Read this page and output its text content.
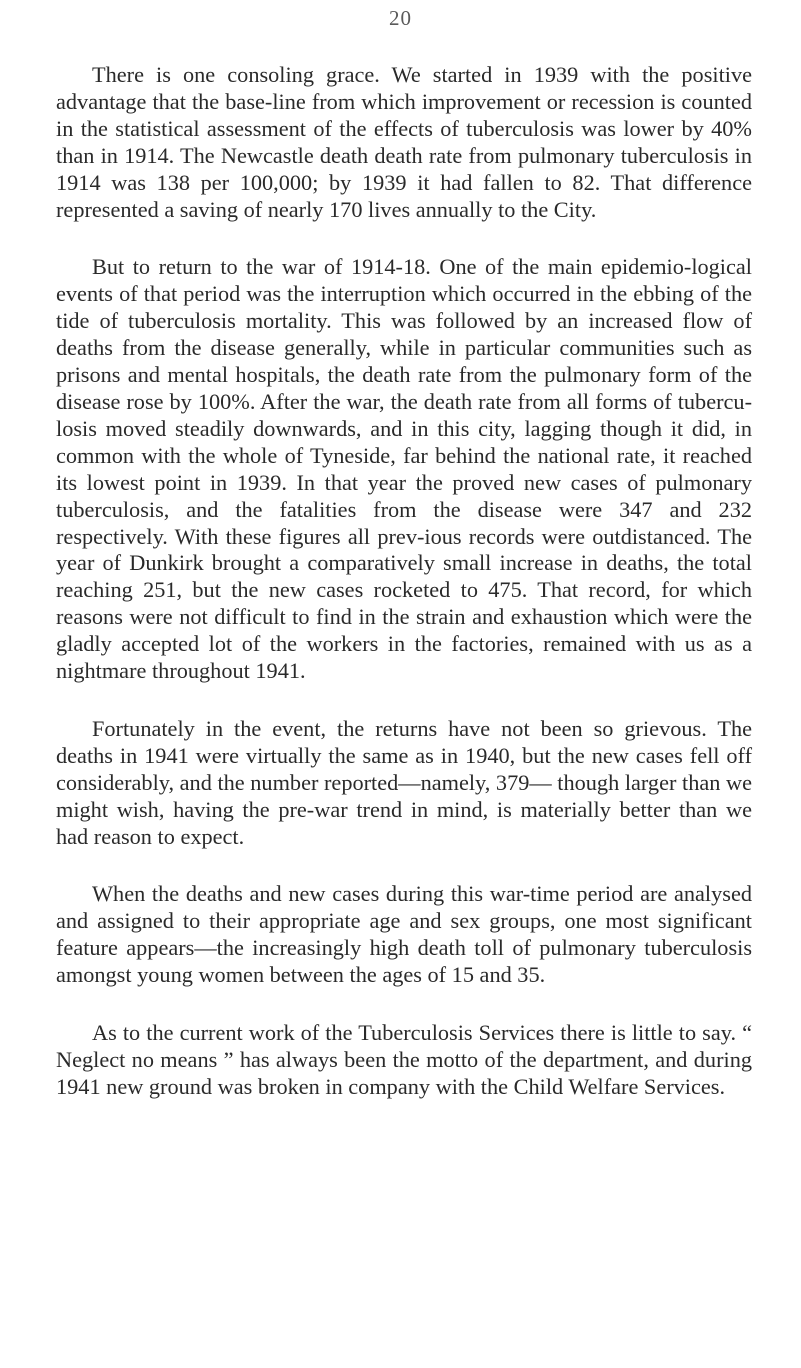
20

There is one consoling grace. We started in 1939 with the positive advantage that the base-line from which improvement or recession is counted in the statistical assessment of the effects of tuberculosis was lower by 40% than in 1914. The Newcastle death death rate from pulmonary tuberculosis in 1914 was 138 per 100,000; by 1939 it had fallen to 82. That difference represented a saving of nearly 170 lives annually to the City.

But to return to the war of 1914-18. One of the main epidemio-logical events of that period was the interruption which occurred in the ebbing of the tide of tuberculosis mortality. This was followed by an increased flow of deaths from the disease generally, while in particular communities such as prisons and mental hospitals, the death rate from the pulmonary form of the disease rose by 100%. After the war, the death rate from all forms of tubercu-losis moved steadily downwards, and in this city, lagging though it did, in common with the whole of Tyneside, far behind the national rate, it reached its lowest point in 1939. In that year the proved new cases of pulmonary tuberculosis, and the fatalities from the disease were 347 and 232 respectively. With these figures all prev-ious records were outdistanced. The year of Dunkirk brought a comparatively small increase in deaths, the total reaching 251, but the new cases rocketed to 475. That record, for which reasons were not difficult to find in the strain and exhaustion which were the gladly accepted lot of the workers in the factories, remained with us as a nightmare throughout 1941.

Fortunately in the event, the returns have not been so grievous. The deaths in 1941 were virtually the same as in 1940, but the new cases fell off considerably, and the number reported—namely, 379— though larger than we might wish, having the pre-war trend in mind, is materially better than we had reason to expect.

When the deaths and new cases during this war-time period are analysed and assigned to their appropriate age and sex groups, one most significant feature appears—the increasingly high death toll of pulmonary tuberculosis amongst young women between the ages of 15 and 35.

As to the current work of the Tuberculosis Services there is little to say. “ Neglect no means ” has always been the motto of the department, and during 1941 new ground was broken in company with the Child Welfare Services.
